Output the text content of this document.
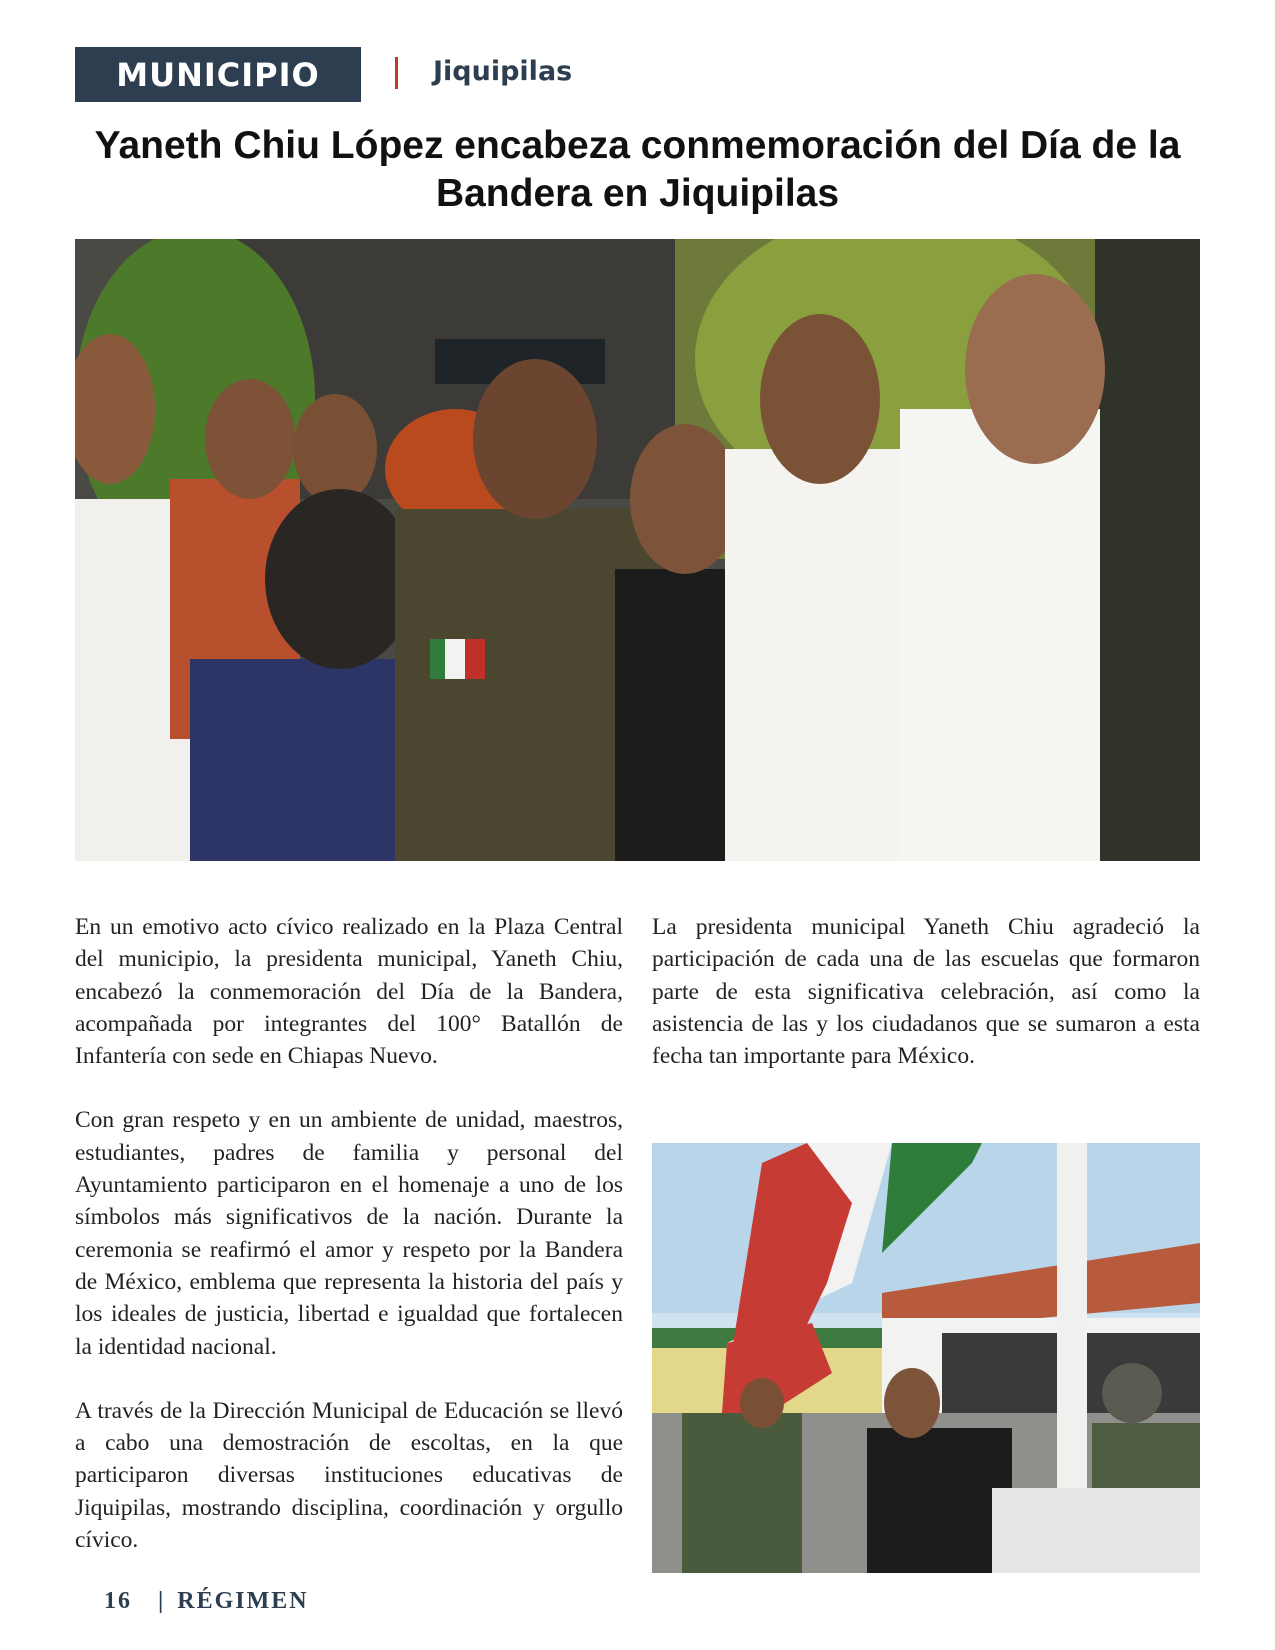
MUNICIPIO	Jiquipilas
Yaneth Chiu López encabeza conmemoración del Día de la Bandera en Jiquipilas

En un emotivo acto cívico realizado en la Plaza Central del municipio, la presidenta municipal, Yaneth Chiu, encabezó la conmemoración del Día de la Bandera, acompañada por integrantes del 100° Batallón de Infantería con sede en Chiapas Nuevo.

Con gran respeto y en un ambiente de unidad, maestros, estudiantes, padres de familia y personal del Ayuntamiento participaron en el homenaje a uno de los símbolos más significativos de la nación. Durante la ceremonia se reafirmó el amor y respeto por la Bandera de México, emblema que representa la historia del país y los ideales de justicia, libertad e igualdad que fortalecen la identidad nacional.

A través de la Dirección Municipal de Educación se llevó a cabo una demostración de escoltas, en la que participaron diversas instituciones educativas de Jiquipilas, mostrando disciplina, coordinación y orgullo cívico.

La presidenta municipal Yaneth Chiu agradeció la participación de cada una de las escuelas que formaron parte de esta significativa celebración, así como la asistencia de las y los ciudadanos que se sumaron a esta fecha tan importante para México.

16 | RÉGIMEN
